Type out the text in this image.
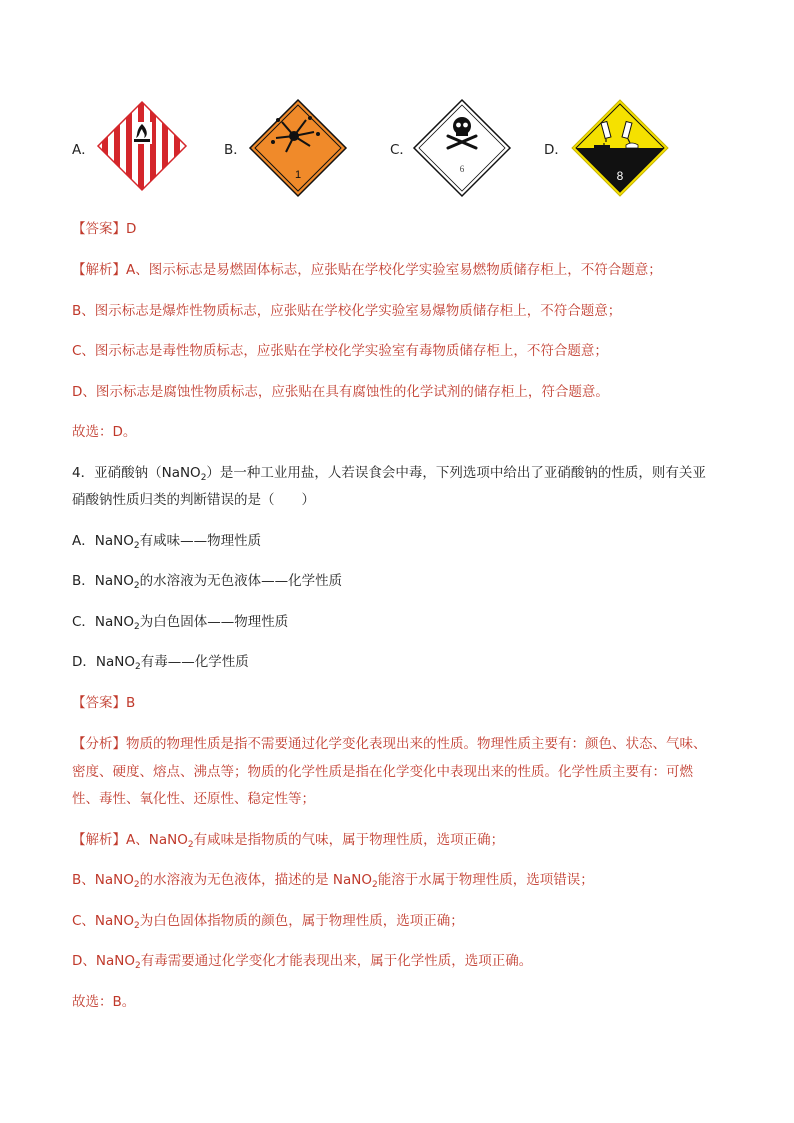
A．	B．	C．	D．
1	6	8
【答案】D
【解析】A、图示标志是易燃固体标志，应张贴在学校化学实验室易燃物质储存柜上，不符合题意；
B、图示标志是爆炸性物质标志，应张贴在学校化学实验室易爆物质储存柜上，不符合题意；
C、图示标志是毒性物质标志，应张贴在学校化学实验室有毒物质储存柜上，不符合题意；
D、图示标志是腐蚀性物质标志，应张贴在具有腐蚀性的化学试剂的储存柜上，符合题意。
故选：D。
4．亚硝酸钠（NaNO$_2$）是一种工业用盐，人若误食会中毒，下列选项中给出了亚硝酸钠的性质，则有关亚
硝酸钠性质归类的判断错误的是（　　）
A．NaNO$_2$有咸味——物理性质
B．NaNO$_2$的水溶液为无色液体——化学性质
C．NaNO$_2$为白色固体——物理性质
D．NaNO$_2$有毒——化学性质
【答案】B
【分析】物质的物理性质是指不需要通过化学变化表现出来的性质。物理性质主要有：颜色、状态、气味、
密度、硬度、熔点、沸点等；物质的化学性质是指在化学变化中表现出来的性质。化学性质主要有：可燃
性、毒性、氧化性、还原性、稳定性等；
【解析】A、NaNO$_2$有咸味是指物质的气味，属于物理性质，选项正确；
B、NaNO$_2$的水溶液为无色液体，描述的是 NaNO$_2$能溶于水属于物理性质，选项错误；
C、NaNO$_2$为白色固体指物质的颜色，属于物理性质，选项正确；
D、NaNO$_2$有毒需要通过化学变化才能表现出来，属于化学性质，选项正确。
故选：B。
